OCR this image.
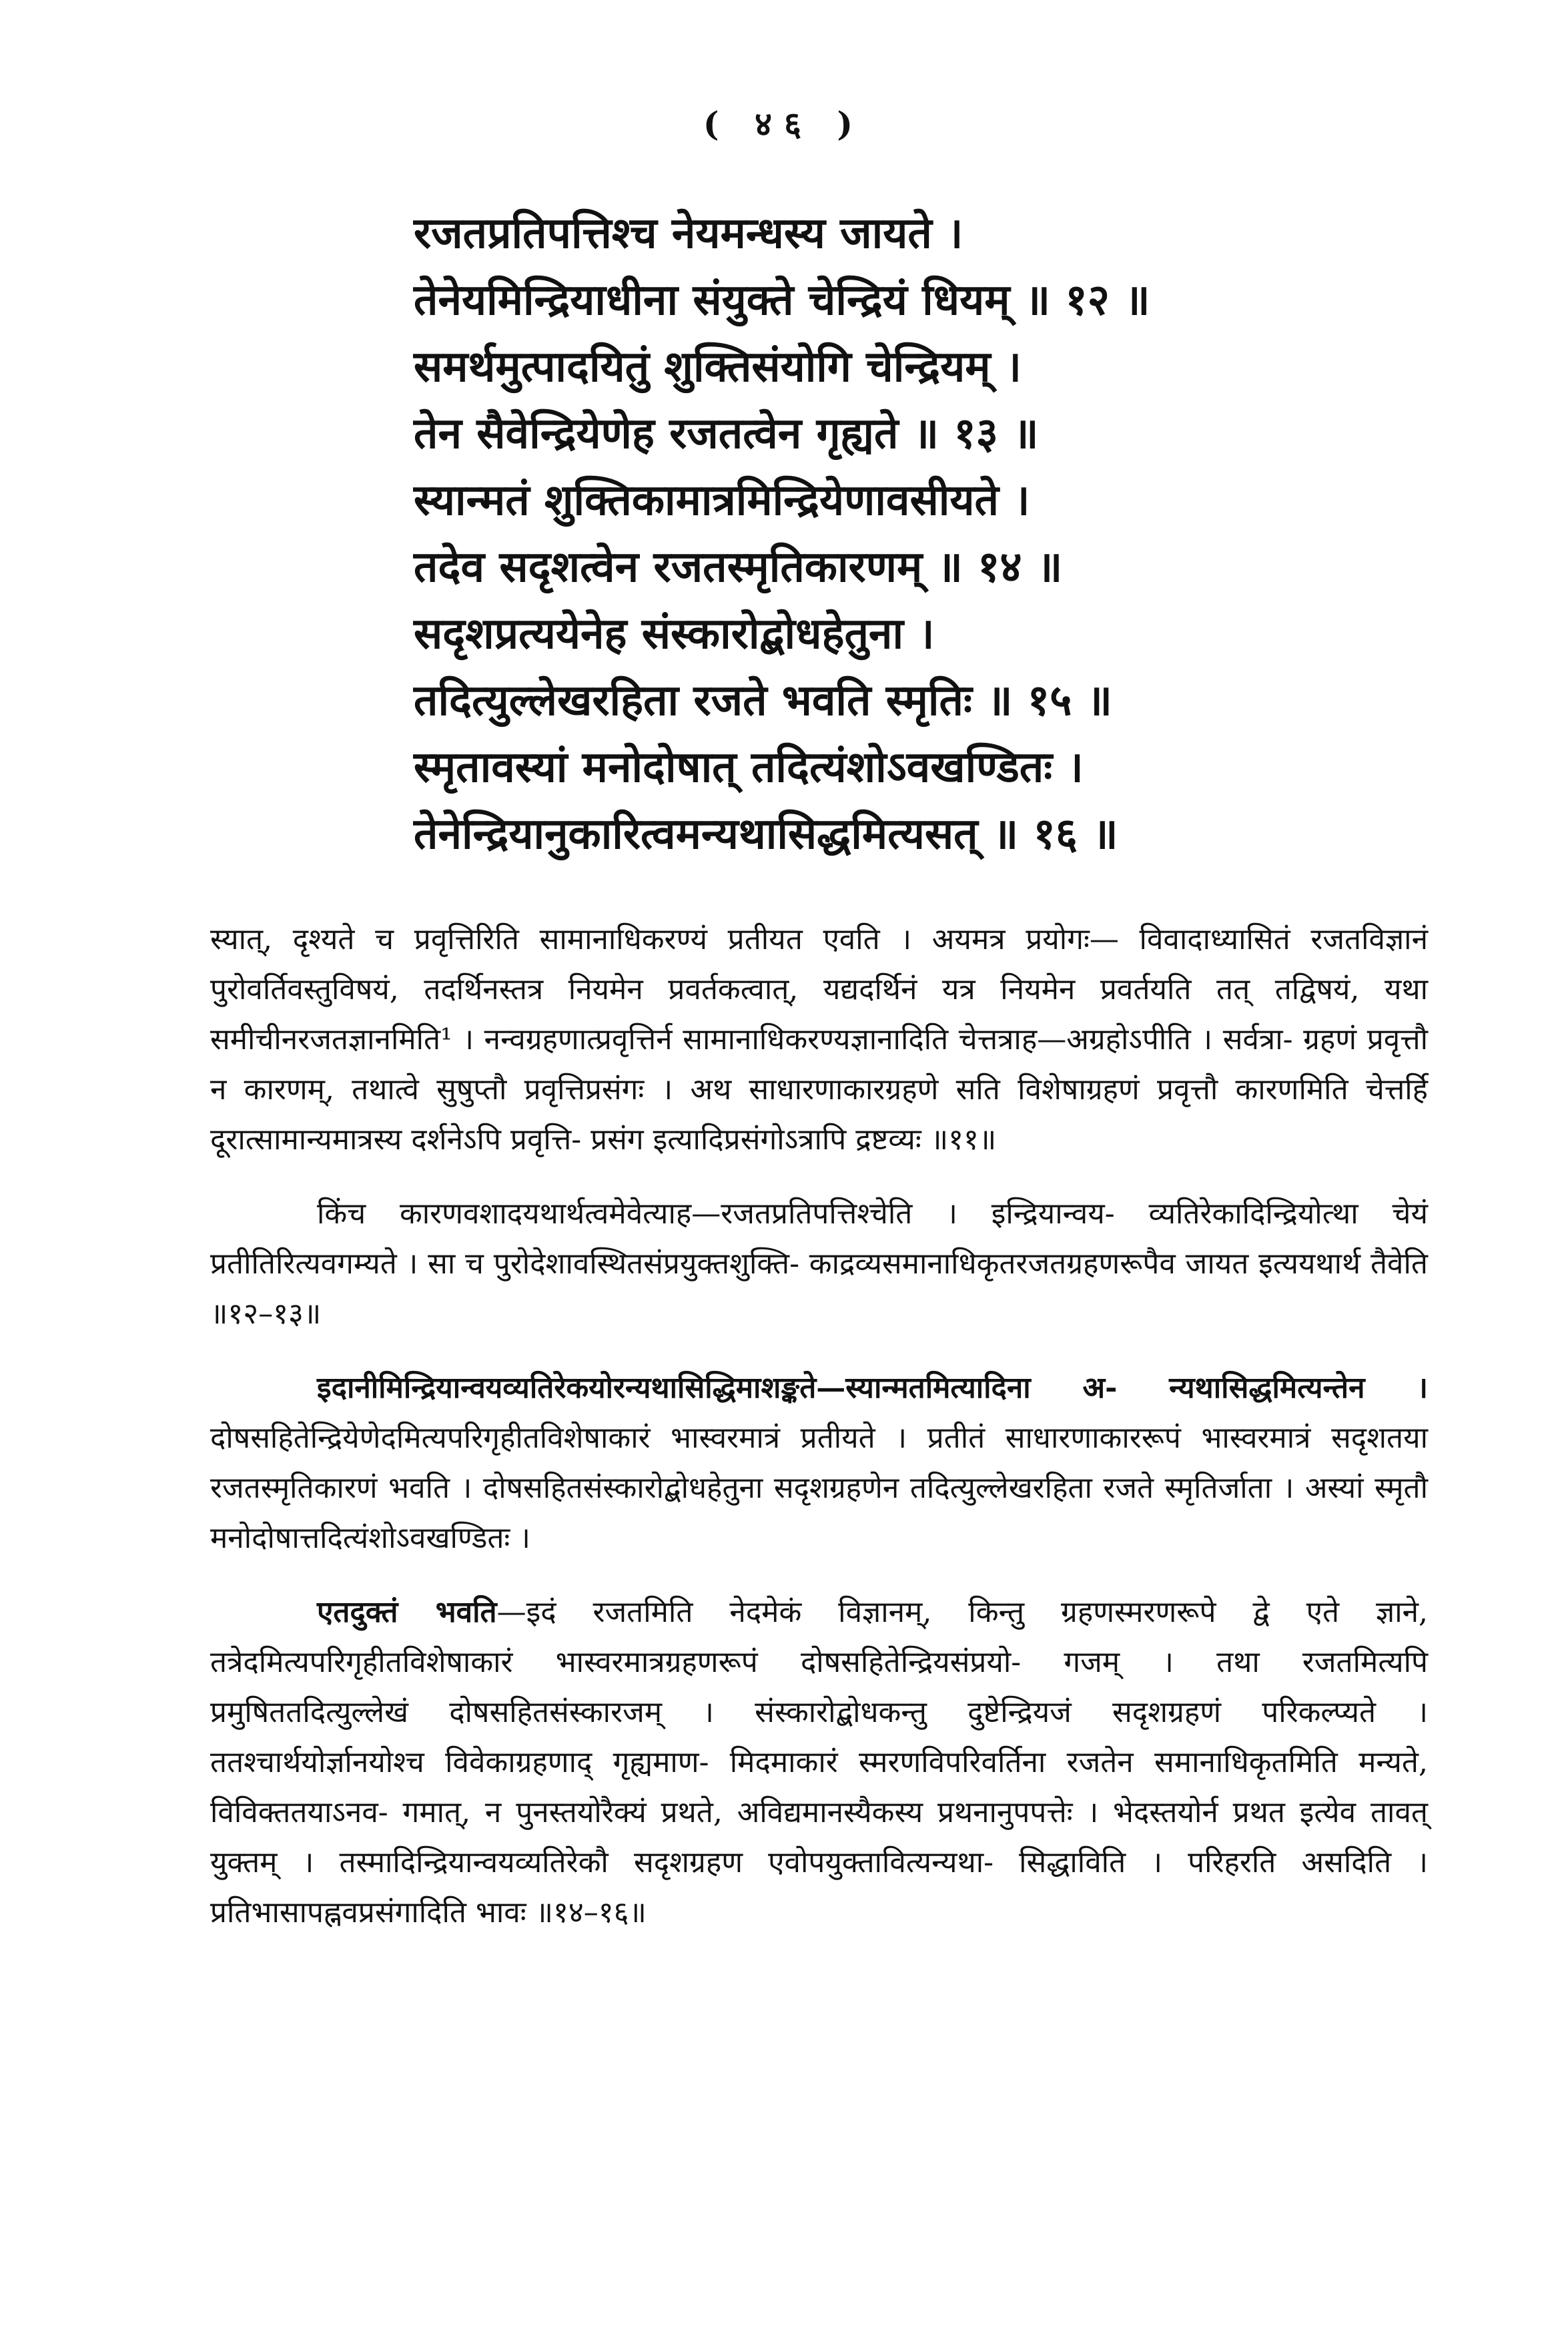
( ४६ )
रजतप्रतिपत्तिश्च नेयमन्धस्य जायते ।
तेनेयमिन्द्रियाधीना संयुक्ते चेन्द्रियं धियम् ॥ १२ ॥
समर्थमुत्पादयितुं शुक्तिसंयोगि चेन्द्रियम् ।
तेन सैवेन्द्रियेणेह रजतत्वेन गृह्यते ॥ १३ ॥
स्यान्मतं शुक्तिकामात्रमिन्द्रियेणावसीयते ।
तदेव सदृशत्वेन रजतस्मृतिकारणम् ॥ १४ ॥
सदृशप्रत्ययेनेह संस्कारोद्बोधहेतुना ।
तदित्युल्लेखरहिता रजते भवति स्मृतिः ॥ १५ ॥
स्मृतावस्यां मनोदोषात् तदित्यंशोऽवखण्डितः ।
तेनेन्द्रियानुकारित्वमन्यथासिद्धमित्यसत् ॥ १६ ॥

स्यात्, दृश्यते च प्रवृत्तिरिति सामानाधिकरण्यं प्रतीयत एवति । अयमत्र प्रयोगः— विवादाध्यासितं रजतविज्ञानं पुरोवर्तिवस्तुविषयं, तदर्थिनस्तत्र नियमेन प्रवर्तकत्वात्, यद्यदर्थिनं यत्र नियमेन प्रवर्तयति तत् तद्विषयं, यथा समीचीनरजतज्ञानमिति¹ । नन्वग्रहणात्प्रवृत्तिर्न सामानाधिकरण्यज्ञानादिति चेत्तत्राह—अग्रहोऽपीति । सर्वत्रा- ग्रहणं प्रवृत्तौ न कारणम्, तथात्वे सुषुप्तौ प्रवृत्तिप्रसंगः । अथ साधारणाकारग्रहणे सति विशेषाग्रहणं प्रवृत्तौ कारणमिति चेत्तर्हि दूरात्सामान्यमात्रस्य दर्शनेऽपि प्रवृत्ति- प्रसंग इत्यादिप्रसंगोऽत्रापि द्रष्टव्यः ॥११॥

किंच कारणवशादयथार्थत्वमेवेत्याह—रजतप्रतिपत्तिश्चेति । इन्द्रियान्वय- व्यतिरेकादिन्द्रियोत्था चेयं प्रतीतिरित्यवगम्यते । सा च पुरोदेशावस्थितसंप्रयुक्तशुक्ति- काद्रव्यसमानाधिकृतरजतग्रहणरूपैव जायत इत्ययथार्थ तैवेति ॥१२–१३॥

इदानीमिन्द्रियान्वयव्यतिरेकयोरन्यथासिद्धिमाशङ्कते—स्यान्मतमित्यादिना अ- न्यथासिद्धमित्यन्तेन । दोषसहितेन्द्रियेणेदमित्यपरिगृहीतविशेषाकारं भास्वरमात्रं प्रतीयते । प्रतीतं साधारणाकाररूपं भास्वरमात्रं सदृशतया रजतस्मृतिकारणं भवति । दोषसहितसंस्कारोद्बोधहेतुना सदृशग्रहणेन तदित्युल्लेखरहिता रजते स्मृतिर्जाता । अस्यां स्मृतौ मनोदोषात्तदित्यंशोऽवखण्डितः ।

एतदुक्तं भवति—इदं रजतमिति नेदमेकं विज्ञानम्, किन्तु ग्रहणस्मरणरूपे द्वे एते ज्ञाने, तत्रेदमित्यपरिगृहीतविशेषाकारं भास्वरमात्रग्रहणरूपं दोषसहितेन्द्रियसंप्रयो- गजम् । तथा रजतमित्यपि प्रमुषिततदित्युल्लेखं दोषसहितसंस्कारजम् । संस्कारोद्बोधकन्तु दुष्टेन्द्रियजं सदृशग्रहणं परिकल्प्यते । ततश्चार्थयोर्ज्ञानयोश्च विवेकाग्रहणाद् गृह्यमाण- मिदमाकारं स्मरणविपरिवर्तिना रजतेन समानाधिकृतमिति मन्यते, विविक्ततयाऽनव- गमात्, न पुनस्तयोरैक्यं प्रथते, अविद्यमानस्यैकस्य प्रथनानुपपत्तेः । भेदस्तयोर्न प्रथत इत्येव तावत् युक्तम् । तस्मादिन्द्रियान्वयव्यतिरेकौ सदृशग्रहण एवोपयुक्तावित्यन्यथा- सिद्धाविति । परिहरति असदिति । प्रतिभासापह्नवप्रसंगादिति भावः ॥१४–१६॥
